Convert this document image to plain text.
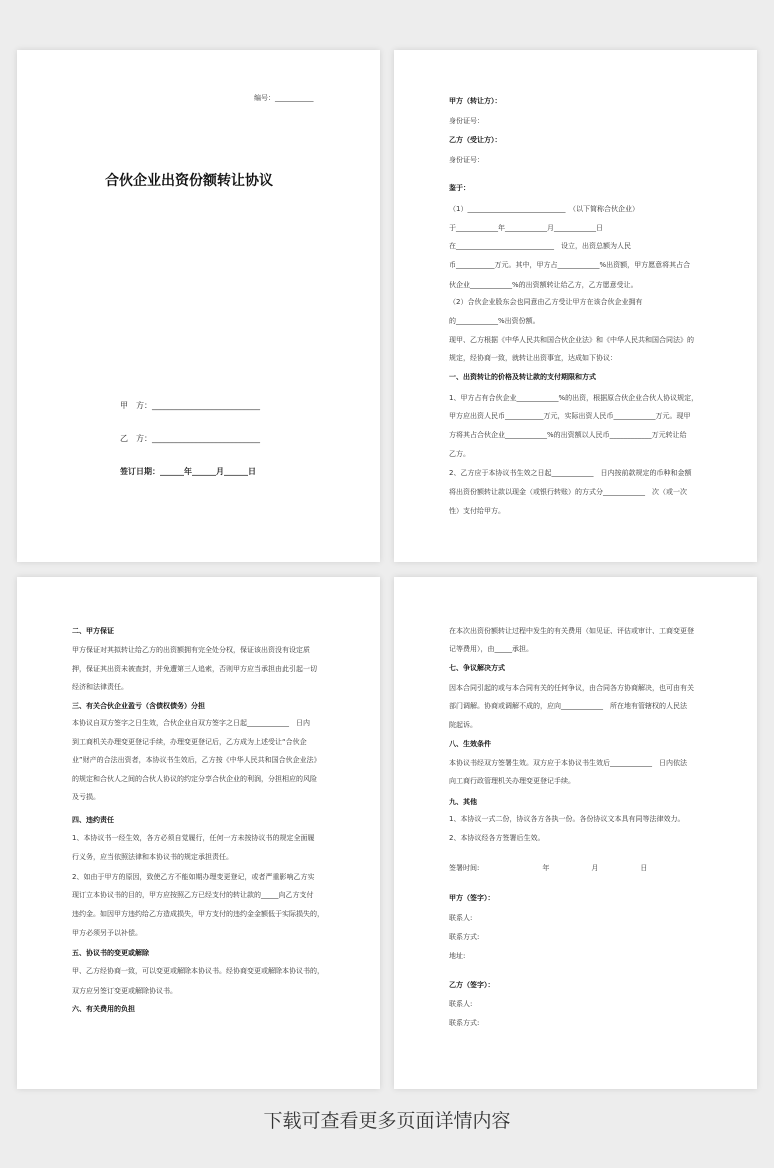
编号：___________
合伙企业出资份额转让协议
甲　方：___________________________
乙　方：___________________________
签订日期：______年______月______日
甲方（转让方）：
身份证号：
乙方（受让方）：
身份证号：
鉴于：
（1）____________________________　（以下简称合伙企业）
于____________年____________月____________日
在____________________________　设立，出资总额为人民
币___________万元。其中，甲方占____________%出资额，甲方愿意将其占合
伙企业____________%的出资额转让给乙方，乙方愿意受让。
（2）合伙企业股东会也同意由乙方受让甲方在该合伙企业拥有
的____________%出资份额。
现甲、乙方根据《中华人民共和国合伙企业法》和《中华人民共和国合同法》的
规定，经协商一致，就转让出资事宜，达成如下协议：
一、出资转让的价格及转让款的支付期限和方式
1、甲方占有合伙企业____________%的出资，根据原合伙企业合伙人协议规定，
甲方应出资人民币___________万元，实际出资人民币____________万元。现甲
方将其占合伙企业____________%的出资额以人民币____________万元转让给
乙方。
2、乙方应于本协议书生效之日起____________　日内按前款规定的币种和金额
将出资份额转让款以现金（或银行转账）的方式分____________　次（或一次
性）支付给甲方。
二、甲方保证
甲方保证对其拟转让给乙方的出资额拥有完全处分权，保证该出资没有设定质
押，保证其出资未被查封，并免遭第三人追索，否则甲方应当承担由此引起一切
经济和法律责任。
三、有关合伙企业盈亏（含债权债务）分担
本协议自双方签字之日生效，合伙企业自双方签字之日起____________　日内
到工商机关办理变更登记手续，办理变更登记后，乙方成为上述受让“合伙企
业”财产的合法出资者，本协议书生效后，乙方按《中华人民共和国合伙企业法》
的规定和合伙人之间的合伙人协议的约定分享合伙企业的利润，分担相应的风险
及亏损。
四、违约责任
1、本协议书一经生效，各方必须自觉履行，任何一方未按协议书的规定全面履
行义务，应当依照法律和本协议书的规定承担责任。
2、如由于甲方的原因，致使乙方不能如期办理变更登记，或者严重影响乙方实
现订立本协议书的目的，甲方应按照乙方已经支付的转让款的_____向乙方支付
违约金。如因甲方违约给乙方造成损失，甲方支付的违约金金额低于实际损失的，
甲方必须另予以补偿。
五、协议书的变更或解除
甲、乙方经协商一致，可以变更或解除本协议书。经协商变更或解除本协议书的，
双方应另签订变更或解除协议书。
六、有关费用的负担
在本次出资份额转让过程中发生的有关费用（如见证、评估或审计、工商变更登
记等费用），由_____承担。
七、争议解决方式
因本合同引起的或与本合同有关的任何争议，由合同各方协商解决，也可由有关
部门调解。协商或调解不成的，应向____________　所在地有管辖权的人民法
院起诉。
八、生效条件
本协议书经双方签署生效。双方应于本协议书生效后____________　日内依法
向工商行政管理机关办理变更登记手续。
九、其他
1、本协议一式二份，协议各方各执一份。各份协议文本具有同等法律效力。
2、本协议经各方签署后生效。
签署时间:　　　　　　　　　年　　　　　　月　　　　　　日
甲方（签字）：
联系人:
联系方式:
地址:
乙方（签字）：
联系人:
联系方式:
下载可查看更多页面详情内容
